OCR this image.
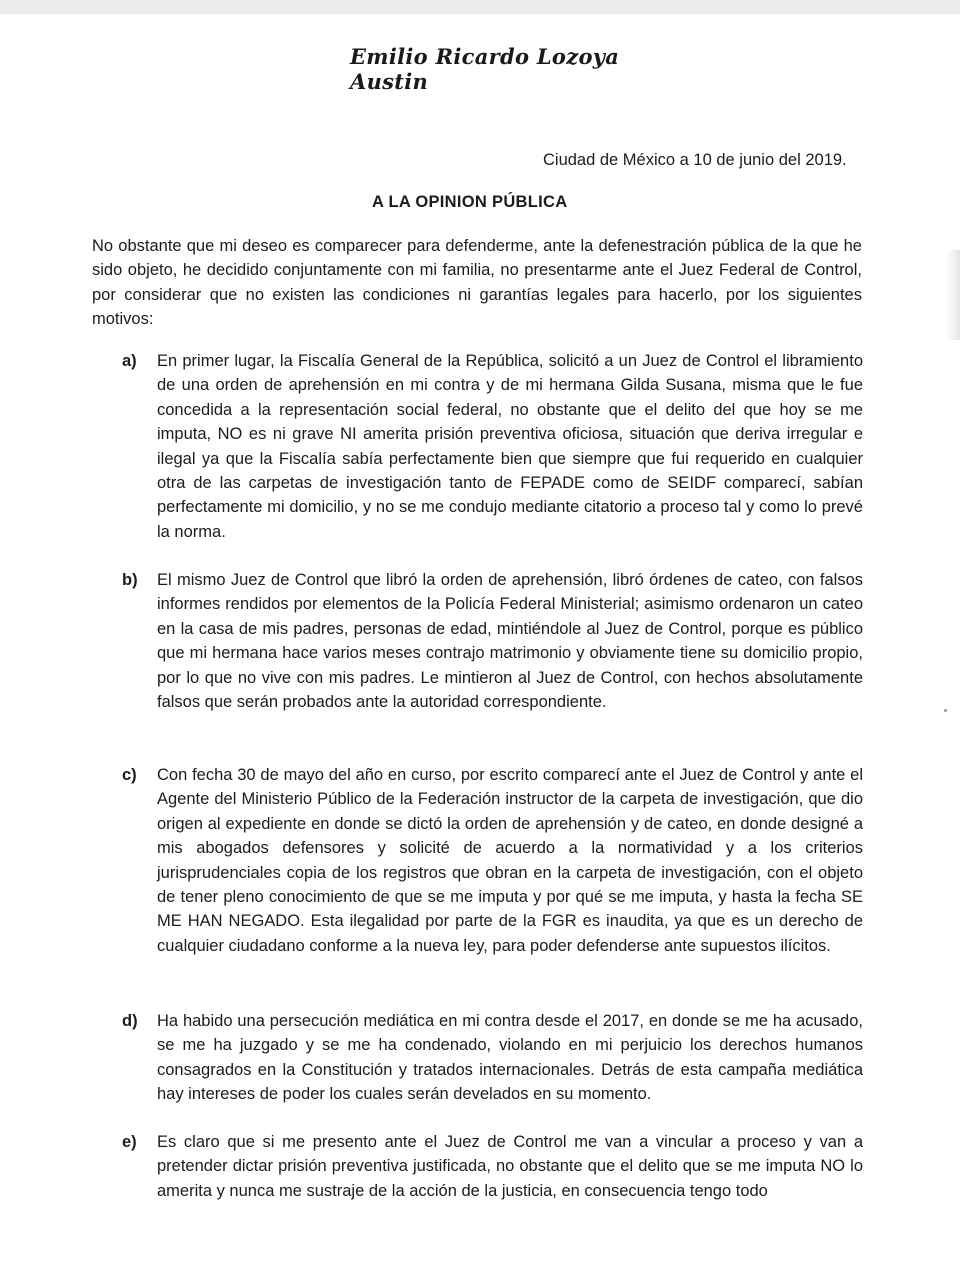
Emilio Ricardo Lozoya Austin
Ciudad de México a 10 de junio del 2019.
A LA OPINION PÚBLICA
No obstante que mi deseo es comparecer para defenderme, ante la defenestración pública de la que he sido objeto, he decidido conjuntamente con mi familia, no presentarme ante el Juez Federal de Control, por considerar que no existen las condiciones ni garantías legales para hacerlo, por los siguientes motivos:
a) En primer lugar, la Fiscalía General de la República, solicitó a un Juez de Control el libramiento de una orden de aprehensión en mi contra y de mi hermana Gilda Susana, misma que le fue concedida a la representación social federal, no obstante que el delito del que hoy se me imputa, NO es ni grave NI amerita prisión preventiva oficiosa, situación que deriva irregular e ilegal ya que la Fiscalía sabía perfectamente bien que siempre que fui requerido en cualquier otra de las carpetas de investigación tanto de FEPADE como de SEIDF comparecí, sabían perfectamente mi domicilio, y no se me condujo mediante citatorio a proceso tal y como lo prevé la norma.
b) El mismo Juez de Control que libró la orden de aprehensión, libró órdenes de cateo, con falsos informes rendidos por elementos de la Policía Federal Ministerial; asimismo ordenaron un cateo en la casa de mis padres, personas de edad, mintiéndole al Juez de Control, porque es público que mi hermana hace varios meses contrajo matrimonio y obviamente tiene su domicilio propio, por lo que no vive con mis padres. Le mintieron al Juez de Control, con hechos absolutamente falsos que serán probados ante la autoridad correspondiente.
c) Con fecha 30 de mayo del año en curso, por escrito comparecí ante el Juez de Control y ante el Agente del Ministerio Público de la Federación instructor de la carpeta de investigación, que dio origen al expediente en donde se dictó la orden de aprehensión y de cateo, en donde designé a mis abogados defensores y solicité de acuerdo a la normatividad y a los criterios jurisprudenciales copia de los registros que obran en la carpeta de investigación, con el objeto de tener pleno conocimiento de que se me imputa y por qué se me imputa, y hasta la fecha SE ME HAN NEGADO. Esta ilegalidad por parte de la FGR es inaudita, ya que es un derecho de cualquier ciudadano conforme a la nueva ley, para poder defenderse ante supuestos ilícitos.
d) Ha habido una persecución mediática en mi contra desde el 2017, en donde se me ha acusado, se me ha juzgado y se me ha condenado, violando en mi perjuicio los derechos humanos consagrados en la Constitución y tratados internacionales. Detrás de esta campaña mediática hay intereses de poder los cuales serán develados en su momento.
e) Es claro que si me presento ante el Juez de Control me van a vincular a proceso y van a pretender dictar prisión preventiva justificada, no obstante que el delito que se me imputa NO lo amerita y nunca me sustraje de la acción de la justicia, en consecuencia tengo todo
